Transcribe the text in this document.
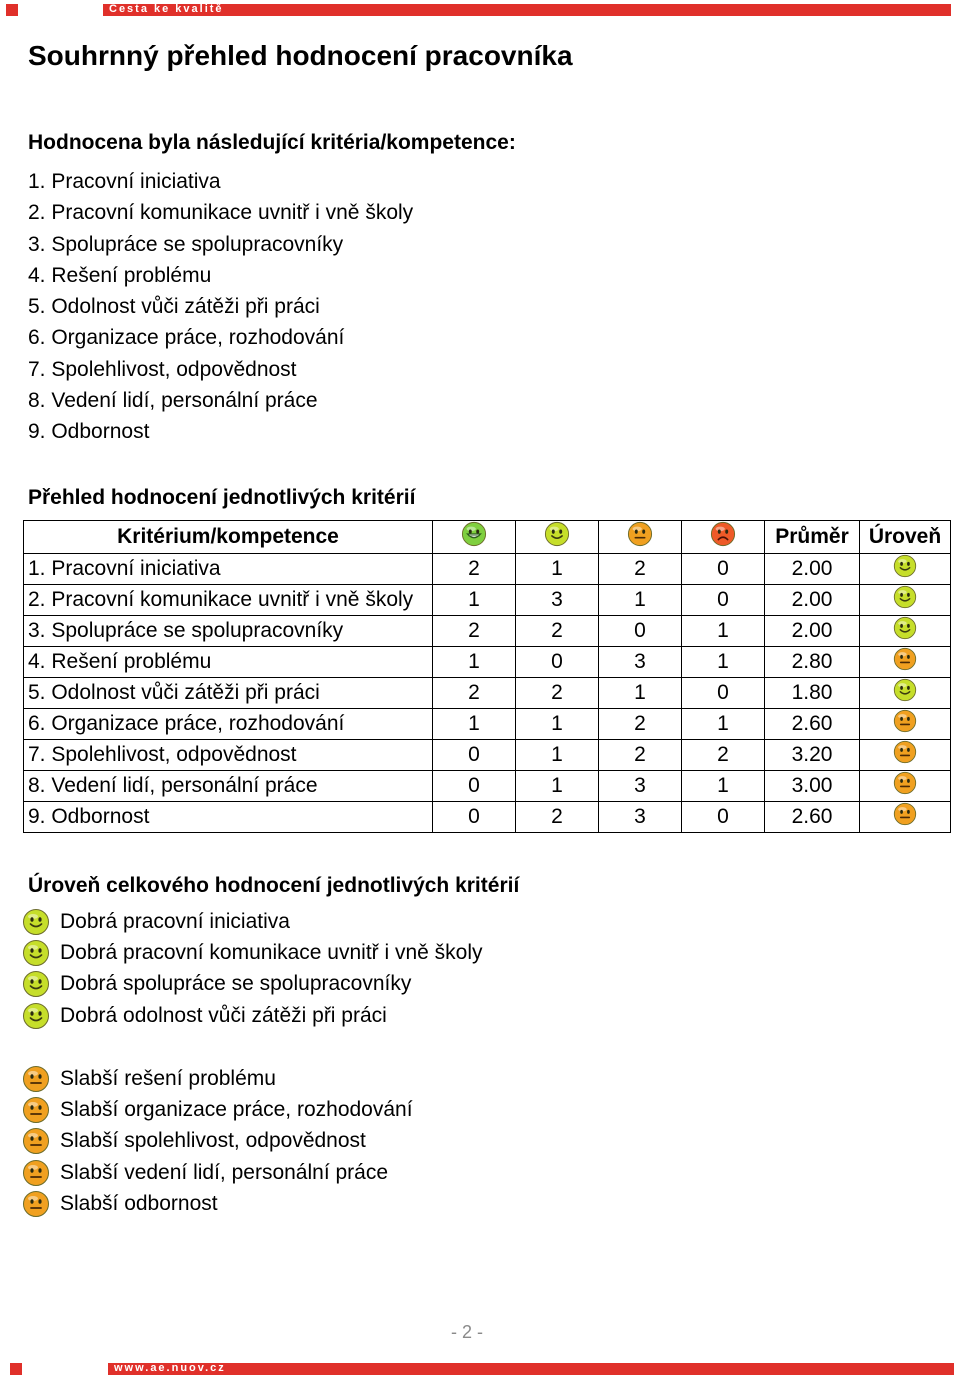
Cesta ke kvalitě
Souhrnný přehled hodnocení pracovníka
Hodnocena byla následující kritéria/kompetence:
1. Pracovní iniciativa
2. Pracovní komunikace uvnitř i vně školy
3. Spolupráce se spolupracovníky
4. Rešení problému
5. Odolnost vůči zátěži při práci
6. Organizace práce, rozhodování
7. Spolehlivost, odpovědnost
8. Vedení lidí, personální práce
9. Odbornost
Přehled hodnocení jednotlivých kritérií
Kritérium/kompetence					Průměr	Úroveň
1. Pracovní iniciativa	2	1	2	0	2.00	
2. Pracovní komunikace uvnitř i vně školy	1	3	1	0	2.00	
3. Spolupráce se spolupracovníky	2	2	0	1	2.00	
4. Rešení problému	1	0	3	1	2.80	
5. Odolnost vůči zátěži při práci	2	2	1	0	1.80	
6. Organizace práce, rozhodování	1	1	2	1	2.60	
7. Spolehlivost, odpovědnost	0	1	2	2	3.20	
8. Vedení lidí, personální práce	0	1	3	1	3.00	
9. Odbornost	0	2	3	0	2.60	
Úroveň celkového hodnocení jednotlivých kritérií
Dobrá pracovní iniciativa
Dobrá pracovní komunikace uvnitř i vně školy
Dobrá spolupráce se spolupracovníky
Dobrá odolnost vůči zátěži při práci
Slabší rešení problému
Slabší organizace práce, rozhodování
Slabší spolehlivost, odpovědnost
Slabší vedení lidí, personální práce
Slabší odbornost
- 2 -
www.ae.nuov.cz
